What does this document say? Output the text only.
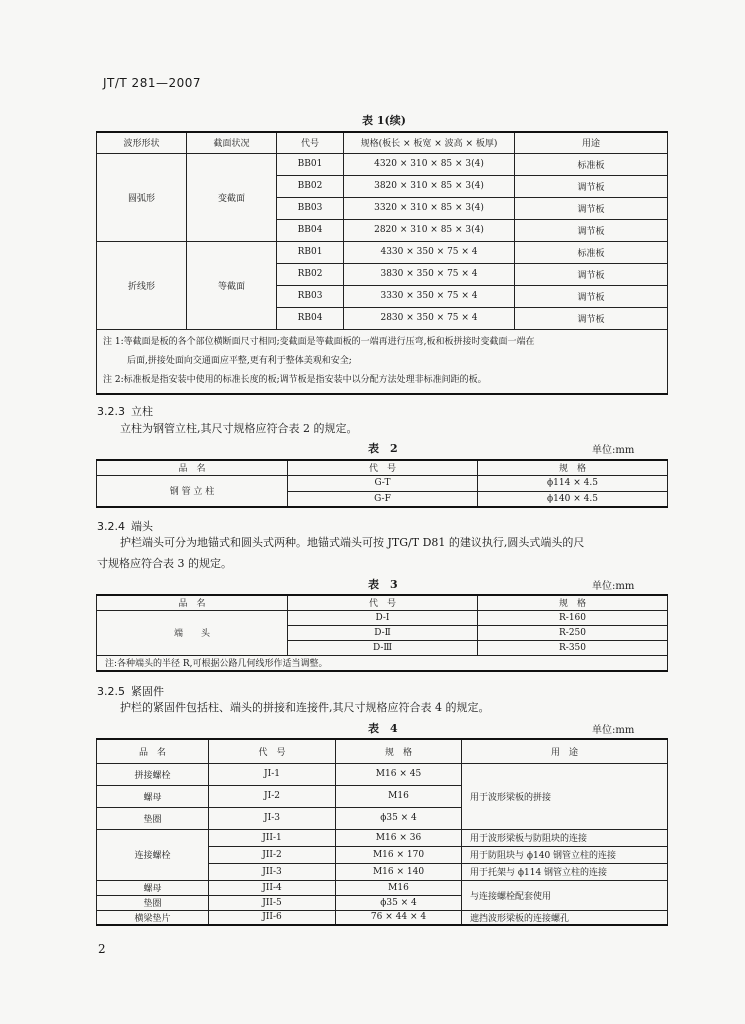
JT/T 281—2007
表 1(续)
波形形状	截面状况	代号	规格(板长 × 板宽 × 波高 × 板厚)	用途
圆弧形	变截面	BB01	4320 × 310 × 85 × 3(4)	标准板
		BB02	3820 × 310 × 85 × 3(4)	调节板
		BB03	3320 × 310 × 85 × 3(4)	调节板
		BB04	2820 × 310 × 85 × 3(4)	调节板
折线形	等截面	RB01	4330 × 350 × 75 × 4	标准板
		RB02	3830 × 350 × 75 × 4	调节板
		RB03	3330 × 350 × 75 × 4	调节板
		RB04	2830 × 350 × 75 × 4	调节板

注 1:等截面是板的各个部位横断面尺寸相同;变截面是等截面板的一端再进行压弯,板和板拼接时变截面一端在
后面,拼接处面向交通面应平整,更有利于整体美观和安全;
注 2:标准板是指安装中使用的标准长度的板;调节板是指安装中以分配方法处理非标准间距的板。				
3.2.3 立柱
立柱为钢管立柱,其尺寸规格应符合表 2 的规定。
表　2	单位:mm
品　名	代　号	规　格
钢 管 立 柱	G-T	ϕ114 × 4.5
	G-F	ϕ140 × 4.5
3.2.4 端头
护栏端头可分为地锚式和圆头式两种。地锚式端头可按 JTG/T D81 的建议执行,圆头式端头的尺
寸规格应符合表 3 的规定。
表　3	单位:mm
品　名	代　号	规　格
端　　头	D-Ⅰ	R-160
	D-Ⅱ	R-250
	D-Ⅲ	R-350
注:各种端头的半径 R,可根据公路几何线形作适当调整。		
3.2.5 紧固件
护栏的紧固件包括柱、端头的拼接和连接件,其尺寸规格应符合表 4 的规定。
表　4	单位:mm
品　名	代　号	规　格	用　途
拼接螺栓	JI-1	M16 × 45	用于波形梁板的拼接
螺母	JI-2	M16	
垫圈	JI-3	ϕ35 × 4	
连接螺栓	JII-1	M16 × 36	用于波形梁板与防阻块的连接
	JII-2	M16 × 170	用于防阻块与 ϕ140 钢管立柱的连接
	JII-3	M16 × 140	用于托架与 ϕ114 钢管立柱的连接
螺母	JII-4	M16	与连接螺栓配套使用
垫圈	JII-5	ϕ35 × 4	
横梁垫片	JII-6	76 × 44 × 4	遮挡波形梁板的连接螺孔
2
